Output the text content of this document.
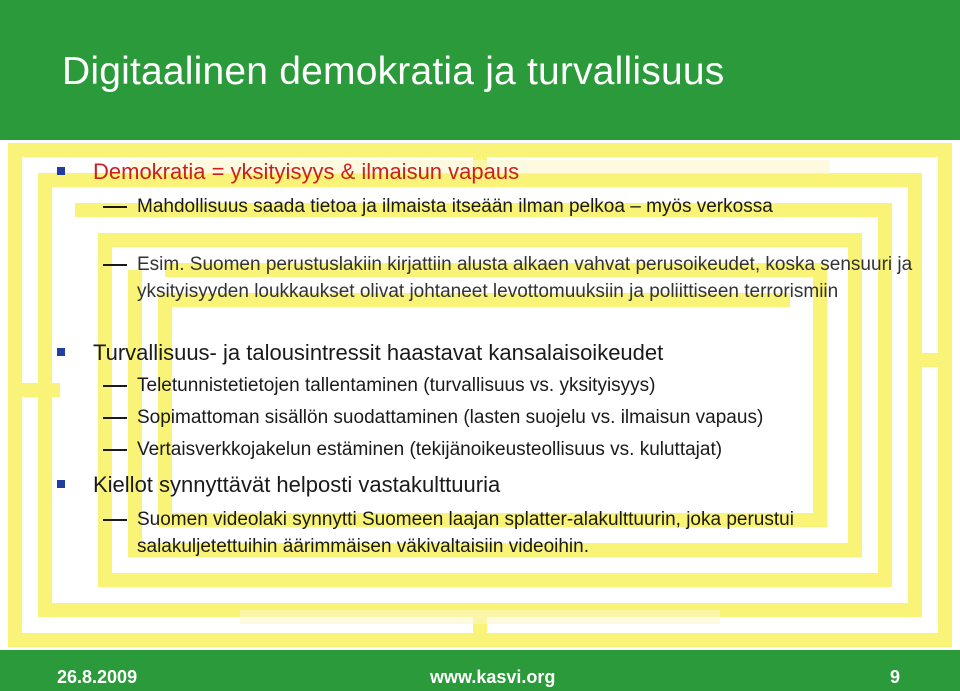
Digitaalinen demokratia ja turvallisuus
Demokratia = yksityisyys & ilmaisun vapaus
Mahdollisuus saada tietoa ja ilmaista itseään ilman pelkoa – myös verkossa
Esim. Suomen perustuslakiin kirjattiin alusta alkaen vahvat perusoikeudet, koska sensuuri ja yksityisyyden loukkaukset olivat johtaneet levottomuuksiin ja poliittiseen terrorismiin
Turvallisuus- ja talousintressit haastavat kansalaisoikeudet
Teletunnistetietojen tallentaminen (turvallisuus vs. yksityisyys)
Sopimattoman sisällön suodattaminen (lasten suojelu vs. ilmaisun vapaus)
Vertaisverkkojakelun estäminen (tekijänoikeusteollisuus vs. kuluttajat)
Kiellot synnyttävät helposti vastakulttuuria
Suomen videolaki synnytti Suomeen laajan splatter-alakulttuurin, joka perustui salakuljetettuihin äärimmäisen väkivaltaisiin videoihin.
26.8.2009	www.kasvi.org	9
